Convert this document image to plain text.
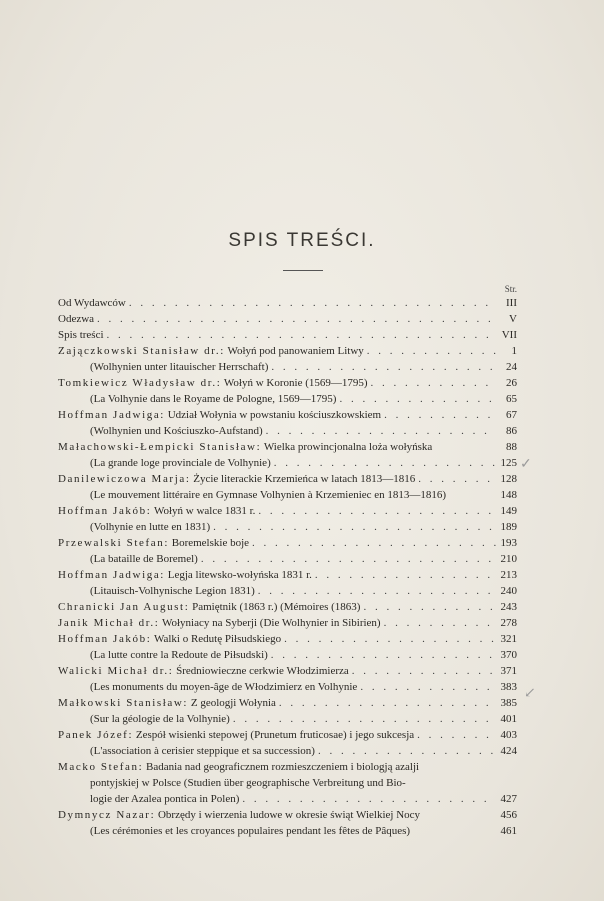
SPIS TREŚCI.
Str.
Od Wydawców . . .	III
Odezwa . . .	V
Spis treści . . .	VII
Zajączkowski Stanisław dr.: Wołyń pod panowaniem Litwy . . .	1
(Wolhynien unter litauischer Herrschaft) . . .	24
Tomkiewicz Władysław dr.: Wołyń w Koronie (1569—1795) . . .	26
(La Volhynie dans le Royame de Pologne, 1569—1795) . . .	65
Hoffman Jadwiga: Udział Wołynia w powstaniu kościuszkowskiem . . .	67
(Wolhynien und Kościuszko-Aufstand) . . .	86
Małachowski-Łempicki Stanisław: Wielka prowincjonalna loża wołyńska	88
(La grande loge provinciale de Volhynie) . . .	125
Danilewiczowa Marja: Życie literackie Krzemieńca w latach 1813—1816 . . .	128
(Le mouvement littéraire en Gymnase Volhynien à Krzemieniec en 1813—1816)	148
Hoffman Jakób: Wołyń w walce 1831 r. . . .	149
(Volhynie en lutte en 1831) . . .	189
Przewalski Stefan: Boremelskie boje . . .	193
(La bataille de Boremel) . . .	210
Hoffman Jadwiga: Legja litewsko-wołyńska 1831 r. . . .	213
(Litauisch-Volhynische Legion 1831) . . .	240
Chranicki Jan August: Pamiętnik (1863 r.) (Mémoires (1863) . . .	243
Janik Michał dr.: Wołyniacy na Syberji (Die Wolhynier in Sibirien) . . .	278
Hoffman Jakób: Walki o Redutę Piłsudskiego . . .	321
(La lutte contre la Redoute de Piłsudski) . . .	370
Walicki Michał dr.: Średniowieczne cerkwie Włodzimierza . . .	371
(Les monuments du moyen-âge de Włodzimierz en Volhynie . . .	383
Małkowski Stanisław: Z geologji Wołynia . . .	385
(Sur la géologie de la Volhynie) . . .	401
Panek Józef: Zespół wisienki stepowej (Prunetum fruticosae) i jego sukcesja . . .	403
(L'association à cerisier steppique et sa succession) . . .	424
Macko Stefan: Badania nad geograficznem rozmieszczeniem i biologją azalji
pontyjskiej w Polsce (Studien über geographische Verbreitung und Bio-
logie der Azalea pontica in Polen) . . .	427
Dymnycz Nazar: Obrzędy i wierzenia ludowe w okresie świąt Wielkiej Nocy	456
(Les cérémonies et les croyances populaires pendant les fêtes de Pâques)	461
✓
↙
